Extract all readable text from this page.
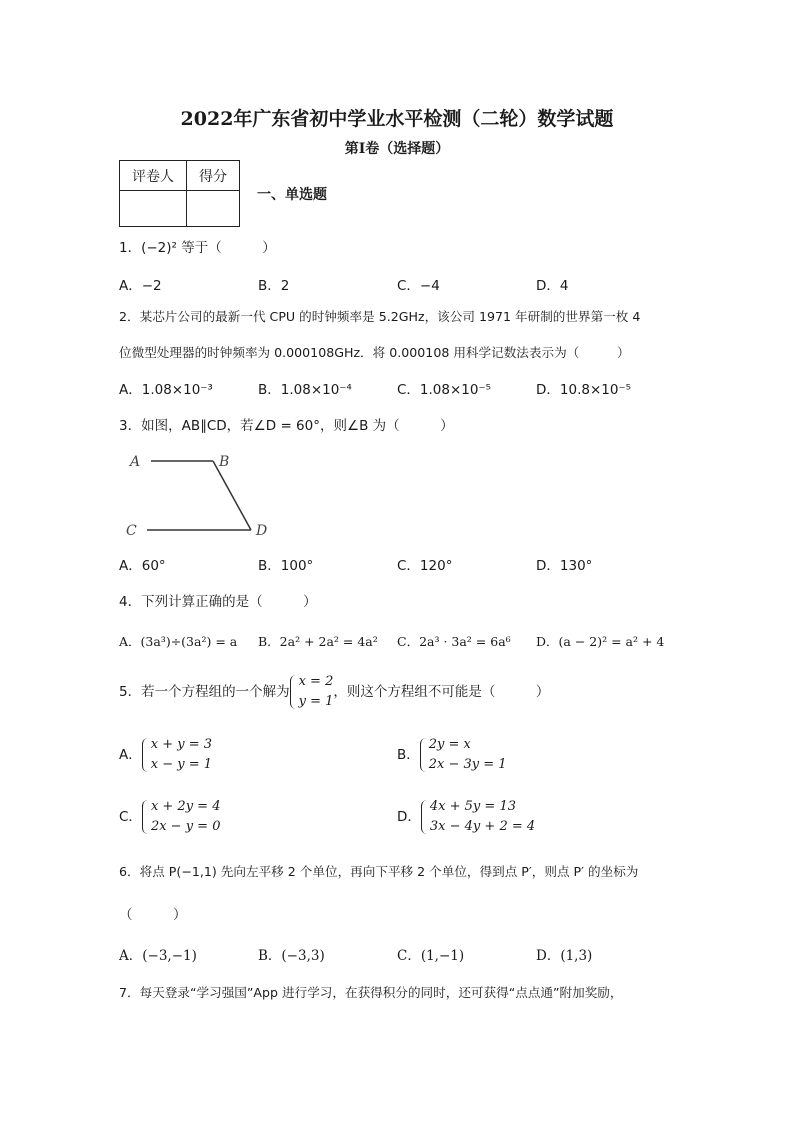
2022年广东省初中学业水平检测（二轮）数学试题
第I卷（选择题）
评卷人	得分

一、单选题
1．(−2)² 等于（　　　）
A．−2	B．2	C．−4	D．4
2．某芯片公司的最新一代 CPU 的时钟频率是 5.2GHz，该公司 1971 年研制的世界第一枚 4
位微型处理器的时钟频率为 0.000108GHz．将 0.000108 用科学记数法表示为（　　　）
A．1.08×10⁻³	B．1.08×10⁻⁴	C．1.08×10⁻⁵	D．10.8×10⁻⁵
3．如图，AB∥CD，若∠D = 60°，则∠B 为（　　　）
A	B
C	D
A．60°	B．100°	C．120°	D．130°
4．下列计算正确的是（　　　）
A．(3a³)÷(3a²) = a B．2a² + 2a² = 4a² C．2a³ · 3a² = 6a⁶ D．(a − 2)² = a² + 4
5．若一个方程组的一个解为
x = 2
y = 1
，则这个方程组不可能是（　　　）
A．
x + y = 3
x − y = 1
B．
2y = x
2x − 3y = 1
C．
x + 2y = 4
2x − y = 0
D．
4x + 5y = 13
3x − 4y + 2 = 4
6．将点 P(−1,1) 先向左平移 2 个单位，再向下平移 2 个单位，得到点 P′，则点 P′ 的坐标为
（　　　）
A．(−3,−1)	B．(−3,3)	C．(1,−1)	D．(1,3)
7．每天登录“学习强国”App 进行学习，在获得积分的同时，还可获得“点点通”附加奖励，
